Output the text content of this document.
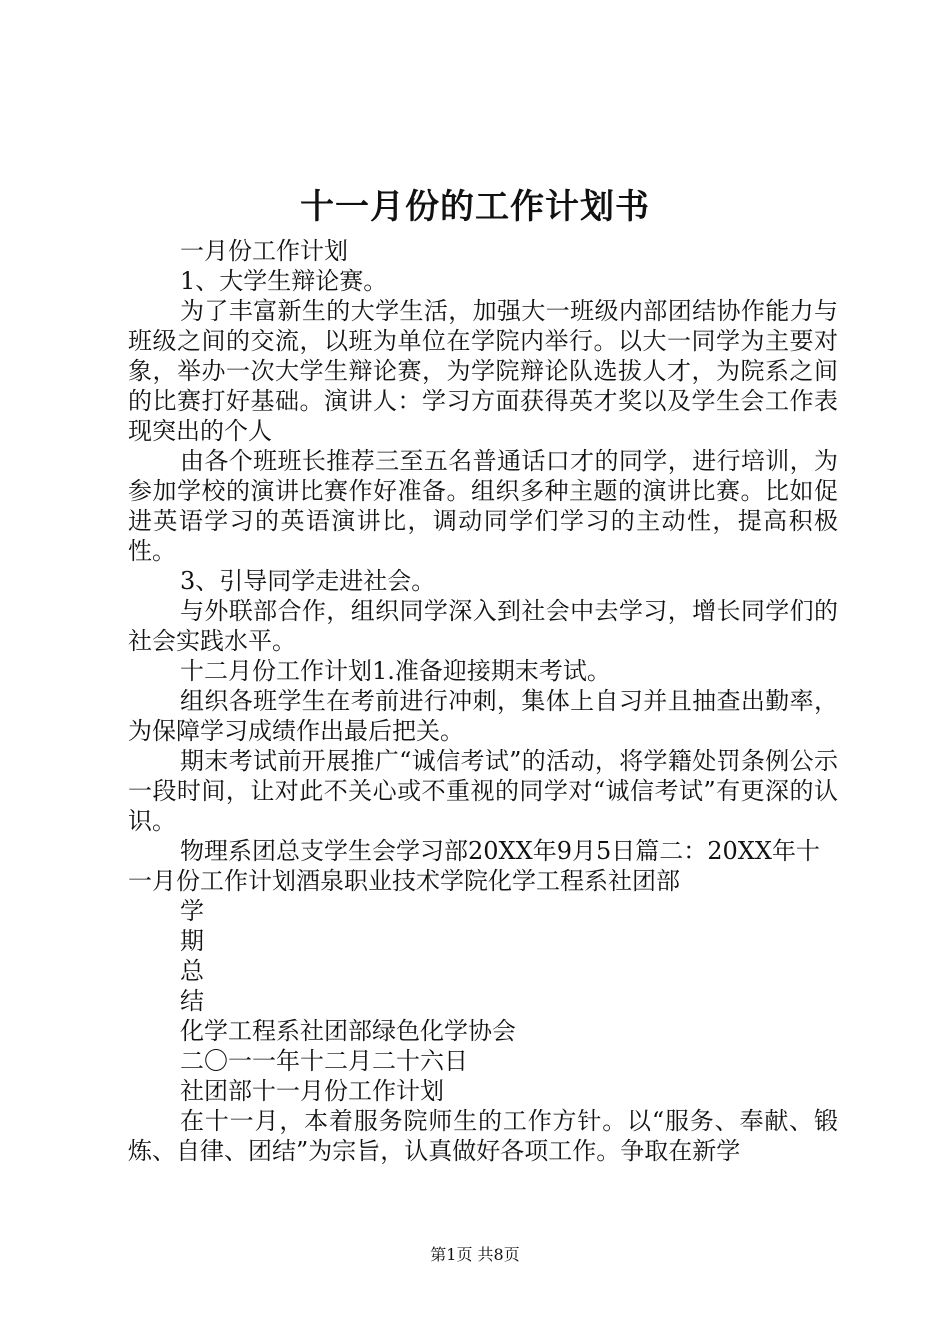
十一月份的工作计划书

一月份工作计划

1、大学生辩论赛。

为了丰富新生的大学生活，加强大一班级内部团结协作能力与班级之间的交流，以班为单位在学院内举行。以大一同学为主要对象，举办一次大学生辩论赛，为学院辩论队选拔人才，为院系之间的比赛打好基础。演讲人：学习方面获得英才奖以及学生会工作表现突出的个人

由各个班班长推荐三至五名普通话口才的同学，进行培训，为参加学校的演讲比赛作好准备。组织多种主题的演讲比赛。比如促进英语学习的英语演讲比，调动同学们学习的主动性，提高积极性。

3、引导同学走进社会。

与外联部合作，组织同学深入到社会中去学习，增长同学们的社会实践水平。

十二月份工作计划1.准备迎接期末考试。

组织各班学生在考前进行冲刺，集体上自习并且抽查出勤率，为保障学习成绩作出最后把关。

期末考试前开展推广“诚信考试”的活动，将学籍处罚条例公示一段时间，让对此不关心或不重视的同学对“诚信考试”有更深的认识。

物理系团总支学生会学习部20XX年9月5日篇二：20XX年十一月份工作计划酒泉职业技术学院化学工程系社团部

学

期

总

结

化学工程系社团部绿色化学协会

二〇一一年十二月二十六日

社团部十一月份工作计划

在十一月，本着服务院师生的工作方针。以“服务、奉献、锻炼、自律、团结”为宗旨，认真做好各项工作。争取在新学

第1页 共8页
